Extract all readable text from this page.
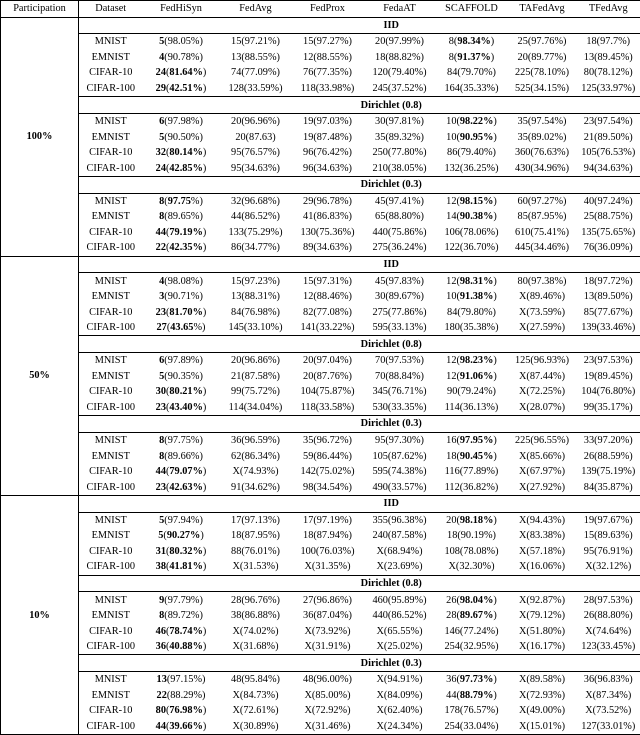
Participation	Dataset	FedHiSyn	FedAvg	FedProx	FedaAT	SCAFFOLD	TAFedAvg	TFedAvg
100%		IID						
	MNIST	5(98.05%)	15(97.21%)	15(97.27%)	20(97.99%)	8(98.34%)	25(97.76%)	18(97.7%)
	EMNIST	4(90.78%)	13(88.55%)	12(88.55%)	18(88.82%)	8(91.37%)	20(89.77%)	13(89.45%)
	CIFAR-10	24(81.64%)	74(77.09%)	76(77.35%)	120(79.40%)	84(79.70%)	225(78.10%)	80(78.12%)
	CIFAR-100	29(42.51%)	128(33.59%)	118(33.98%)	245(37.52%)	164(35.33%)	525(34.15%)	125(33.97%)
		Dirichlet (0.8)						
	MNIST	6(97.98%)	20(96.96%)	19(97.03%)	30(97.81%)	10(98.22%)	35(97.54%)	23(97.54%)
	EMNIST	5(90.50%)	20(87.63)	19(87.48%)	35(89.32%)	10(90.95%)	35(89.02%)	21(89.50%)
	CIFAR-10	32(80.14%)	95(76.57%)	96(76.42%)	250(77.80%)	86(79.40%)	360(76.63%)	105(76.53%)
	CIFAR-100	24(42.85%)	95(34.63%)	96(34.63%)	210(38.05%)	132(36.25%)	430(34.96%)	94(34.63%)
		Dirichlet (0.3)						
	MNIST	8(97.75%)	32(96.68%)	29(96.78%)	45(97.41%)	12(98.15%)	60(97.27%)	40(97.24%)
	EMNIST	8(89.65%)	44(86.52%)	41(86.83%)	65(88.80%)	14(90.38%)	85(87.95%)	25(88.75%)
	CIFAR-10	44(79.19%)	133(75.29%)	130(75.36%)	440(75.86%)	106(78.06%)	610(75.41%)	135(75.65%)
	CIFAR-100	22(42.35%)	86(34.77%)	89(34.63%)	275(36.24%)	122(36.70%)	445(34.46%)	76(36.09%)
50%		IID						
	MNIST	4(98.08%)	15(97.23%)	15(97.31%)	45(97.83%)	12(98.31%)	80(97.38%)	18(97.72%)
	EMNIST	3(90.71%)	13(88.31%)	12(88.46%)	30(89.67%)	10(91.38%)	X(89.46%)	13(89.50%)
	CIFAR-10	23(81.70%)	84(76.98%)	82(77.08%)	275(77.86%)	84(79.80%)	X(73.59%)	85(77.67%)
	CIFAR-100	27(43.65%)	145(33.10%)	141(33.22%)	595(33.13%)	180(35.38%)	X(27.59%)	139(33.46%)
		Dirichlet (0.8)						
	MNIST	6(97.89%)	20(96.86%)	20(97.04%)	70(97.53%)	12(98.23%)	125(96.93%)	23(97.53%)
	EMNIST	5(90.35%)	21(87.58%)	20(87.76%)	70(88.84%)	12(91.06%)	X(87.44%)	19(89.45%)
	CIFAR-10	30(80.21%)	99(75.72%)	104(75.87%)	345(76.71%)	90(79.24%)	X(72.25%)	104(76.80%)
	CIFAR-100	23(43.40%)	114(34.04%)	118(33.58%)	530(33.35%)	114(36.13%)	X(28.07%)	99(35.17%)
		Dirichlet (0.3)						
	MNIST	8(97.75%)	36(96.59%)	35(96.72%)	95(97.30%)	16(97.95%)	225(96.55%)	33(97.20%)
	EMNIST	8(89.66%)	62(86.34%)	59(86.44%)	105(87.62%)	18(90.45%)	X(85.66%)	26(88.59%)
	CIFAR-10	44(79.07%)	X(74.93%)	142(75.02%)	595(74.38%)	116(77.89%)	X(67.97%)	139(75.19%)
	CIFAR-100	23(42.63%)	91(34.62%)	98(34.54%)	490(33.57%)	112(36.82%)	X(27.92%)	84(35.87%)
10%		IID						
	MNIST	5(97.94%)	17(97.13%)	17(97.19%)	355(96.38%)	20(98.18%)	X(94.43%)	19(97.67%)
	EMNIST	5(90.27%)	18(87.95%)	18(87.94%)	240(87.58%)	18(90.19%)	X(83.38%)	15(89.63%)
	CIFAR-10	31(80.32%)	88(76.01%)	100(76.03%)	X(68.94%)	108(78.08%)	X(57.18%)	95(76.91%)
	CIFAR-100	38(41.81%)	X(31.53%)	X(31.35%)	X(23.69%)	X(32.30%)	X(16.06%)	X(32.12%)
		Dirichlet (0.8)						
	MNIST	9(97.79%)	28(96.76%)	27(96.86%)	460(95.89%)	26(98.04%)	X(92.87%)	28(97.53%)
	EMNIST	8(89.72%)	38(86.88%)	36(87.04%)	440(86.52%)	28(89.67%)	X(79.12%)	26(88.80%)
	CIFAR-10	46(78.74%)	X(74.02%)	X(73.92%)	X(65.55%)	146(77.24%)	X(51.80%)	X(74.64%)
	CIFAR-100	36(40.88%)	X(31.68%)	X(31.91%)	X(25.02%)	254(32.95%)	X(16.17%)	123(33.45%)
		Dirichlet (0.3)						
	MNIST	13(97.15%)	48(95.84%)	48(96.00%)	X(94.91%)	36(97.73%)	X(89.58%)	36(96.83%)
	EMNIST	22(88.29%)	X(84.73%)	X(85.00%)	X(84.09%)	44(88.79%)	X(72.93%)	X(87.34%)
	CIFAR-10	80(76.98%)	X(72.61%)	X(72.92%)	X(62.40%)	178(76.57%)	X(49.00%)	X(73.52%)
	CIFAR-100	44(39.66%)	X(30.89%)	X(31.46%)	X(24.34%)	254(33.04%)	X(15.01%)	127(33.01%)
